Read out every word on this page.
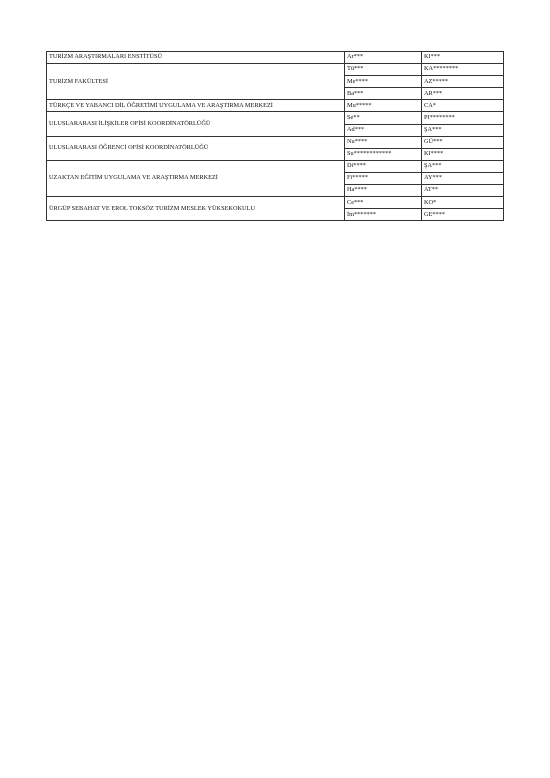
TURİZM ARAŞTIRMALARI ENSTİTÜSÜ	Ar***	KI***
TURİZM FAKÜLTESİ	Tü***	KA********
	Me****	AZ*****
	Ba***	AR***
TÜRKÇE VE YABANCI DİL ÖĞRETİMİ UYGULAMA VE ARAŞTIRMA MERKEZİ	Mu*****	CA*
ULUSLARARASI İLİŞKİLER OFİSİ KOORDİNATÖRLÜĞÜ	Se**	PI********
	Ad***	ŞA***
ULUSLARARASI ÖĞRENCİ OFİSİ KOORDİNATÖRLÜĞÜ	Nu****	GÜ***
	Su************	KI****
UZAKTAN EĞİTİM UYGULAMA VE ARAŞTIRMA MERKEZİ	Di****	ŞA***
	Fi*****	AY***
	Ha****	AT**
ÜRGÜP SEBAHAT VE EROL TOKSÖZ TURİZM MESLEK YÜKSEKOKULU	Ce***	KO*
	İm*******	GE****
